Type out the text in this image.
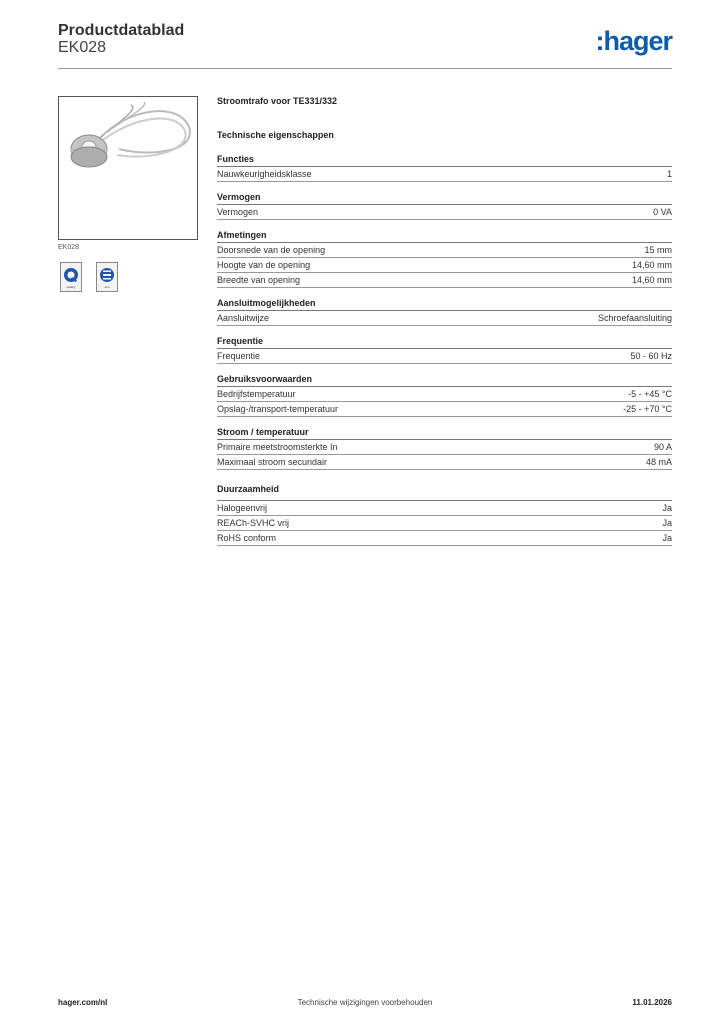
Productdatablad
EK028	:hager
EK028
quality	eco
Stroomtrafo voor TE331/332
Technische eigenschappen
Functies
Nauwkeurigheidsklasse	1
Vermogen
Vermogen	0 VA
Afmetingen
Doorsnede van de opening	15 mm
Hoogte van de opening	14,60 mm
Breedte van opening	14,60 mm
Aansluitmogelijkheden
Aansluitwijze	Schroefaansluiting
Frequentie
Frequentie	50 - 60 Hz
Gebruiksvoorwaarden
Bedrijfstemperatuur	-5 - +45 °C
Opslag-/transport-temperatuur	-25 - +70 °C
Stroom / temperatuur
Primaire meetstroomsterkte In	90 A
Maximaal stroom secundair	48 mA
Duurzaamheid
Halogeenvrij	Ja
REACh-SVHC vrij	Ja
RoHS conform	Ja
hager.com/nl	Technische wijzigingen voorbehouden	11.01.2026
